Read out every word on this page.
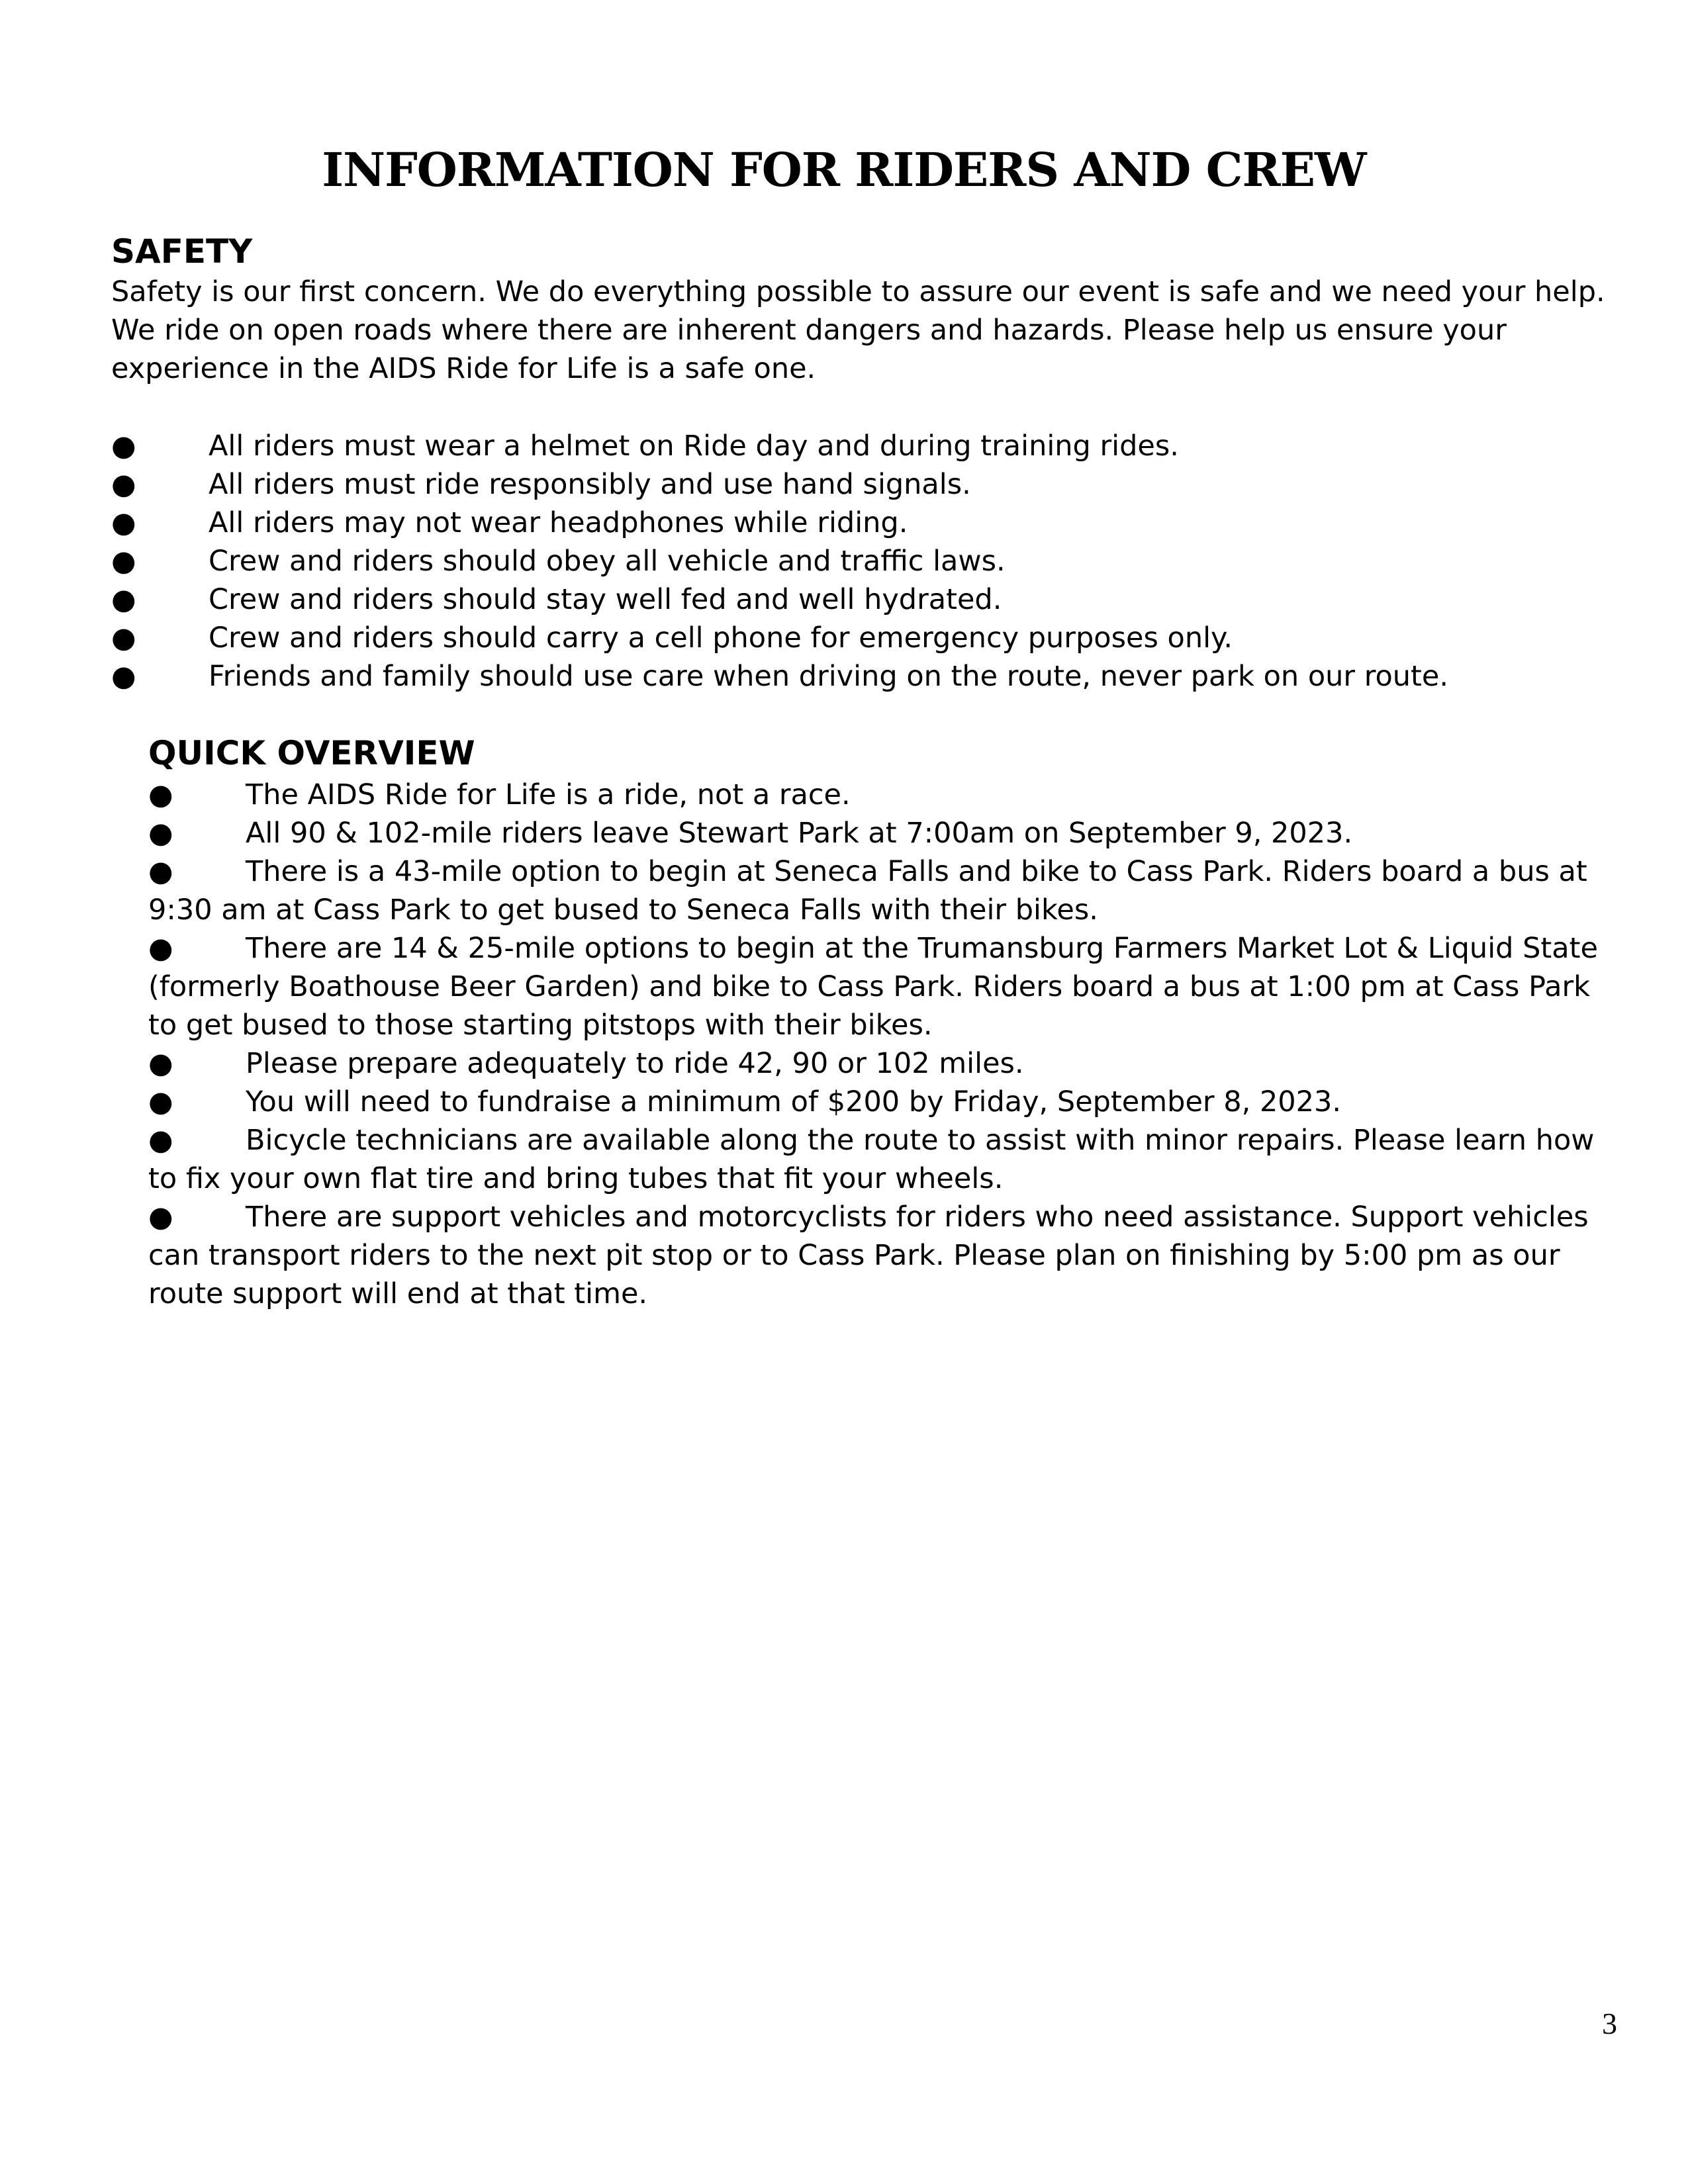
INFORMATION FOR RIDERS AND CREW
SAFETY

Safety is our first concern. We do everything possible to assure our event is safe and we need your help. We ride on open roads where there are inherent dangers and hazards. Please help us ensure your experience in the AIDS Ride for Life is a safe one.

●	All riders must wear a helmet on Ride day and during training rides.
●	All riders must ride responsibly and use hand signals.
●	All riders may not wear headphones while riding.
●	Crew and riders should obey all vehicle and traffic laws.
●	Crew and riders should stay well fed and well hydrated.
●	Crew and riders should carry a cell phone for emergency purposes only.
●	Friends and family should use care when driving on the route, never park on our route.
QUICK OVERVIEW
●	The AIDS Ride for Life is a ride, not a race.
●	All 90 & 102-mile riders leave Stewart Park at 7:00am on September 9, 2023.
●	There is a 43-mile option to begin at Seneca Falls and bike to Cass Park. Riders board a bus at 9:30 am at Cass Park to get bused to Seneca Falls with their bikes.
●	There are 14 & 25-mile options to begin at the Trumansburg Farmers Market Lot & Liquid State (formerly Boathouse Beer Garden) and bike to Cass Park. Riders board a bus at 1:00 pm at Cass Park to get bused to those starting pitstops with their bikes.
●	Please prepare adequately to ride 42, 90 or 102 miles.
●	You will need to fundraise a minimum of $200 by Friday, September 8, 2023.
●	Bicycle technicians are available along the route to assist with minor repairs. Please learn how to fix your own flat tire and bring tubes that fit your wheels.
●	There are support vehicles and motorcyclists for riders who need assistance. Support vehicles can transport riders to the next pit stop or to Cass Park. Please plan on finishing by 5:00 pm as our route support will end at that time.

3
